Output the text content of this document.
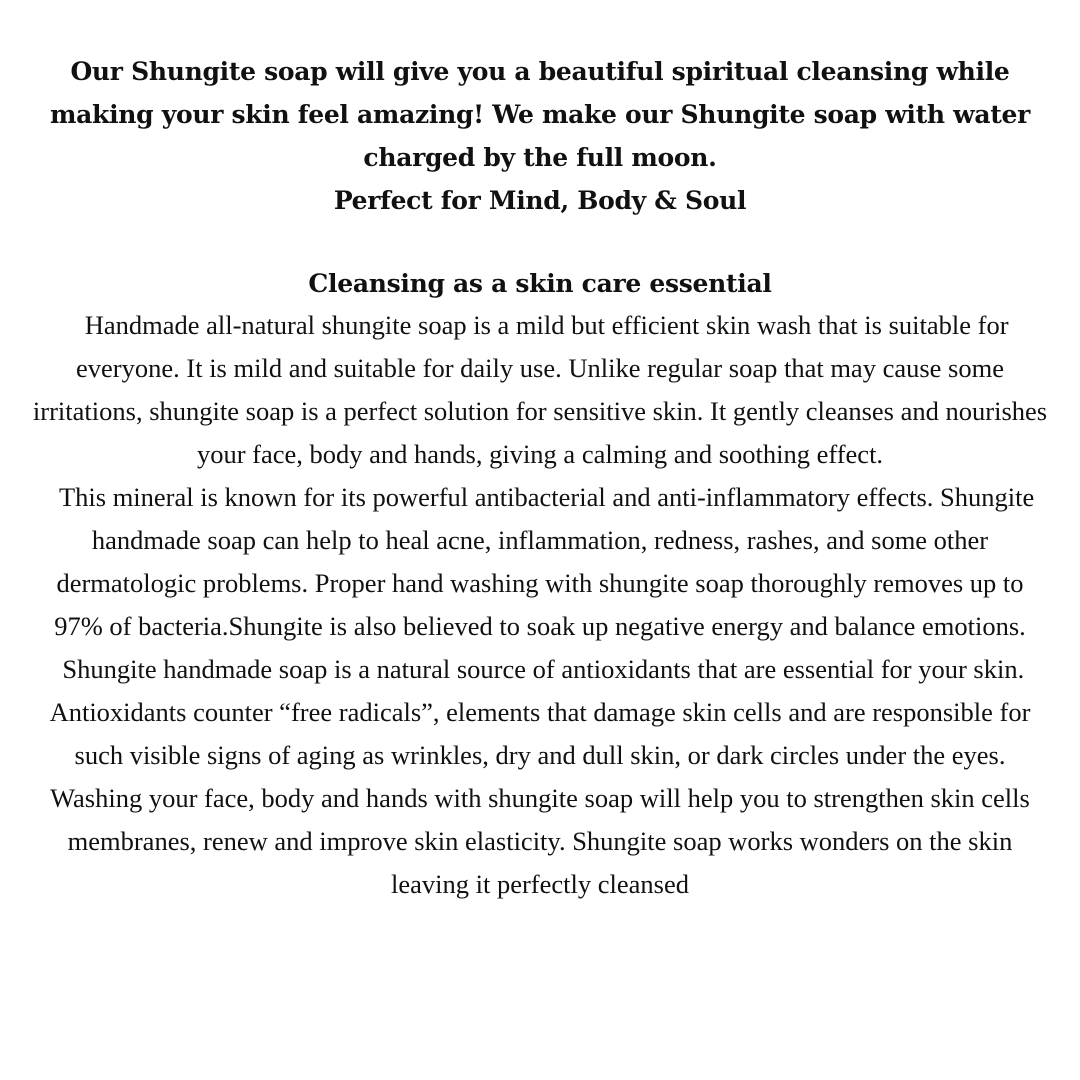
Our Shungite soap will give you a beautiful spiritual cleansing while making your skin feel amazing! We make our Shungite soap with water charged by the full moon.

Perfect for Mind, Body & Soul

Cleansing as a skin care essential

Handmade all-natural shungite soap is a mild but efficient skin wash that is suitable for everyone. It is mild and suitable for daily use. Unlike regular soap that may cause some irritations, shungite soap is a perfect solution for sensitive skin. It gently cleanses and nourishes your face, body and hands, giving a calming and soothing effect.

This mineral is known for its powerful antibacterial and anti-inflammatory effects. Shungite handmade soap can help to heal acne, inflammation, redness, rashes, and some other dermatologic problems. Proper hand washing with shungite soap thoroughly removes up to 97% of bacteria.Shungite is also believed to soak up negative energy and balance emotions.

Shungite handmade soap is a natural source of antioxidants that are essential for your skin. Antioxidants counter “free radicals”, elements that damage skin cells and are responsible for such visible signs of aging as wrinkles, dry and dull skin, or dark circles under the eyes. Washing your face, body and hands with shungite soap will help you to strengthen skin cells membranes, renew and improve skin elasticity. Shungite soap works wonders on the skin leaving it perfectly cleansed
